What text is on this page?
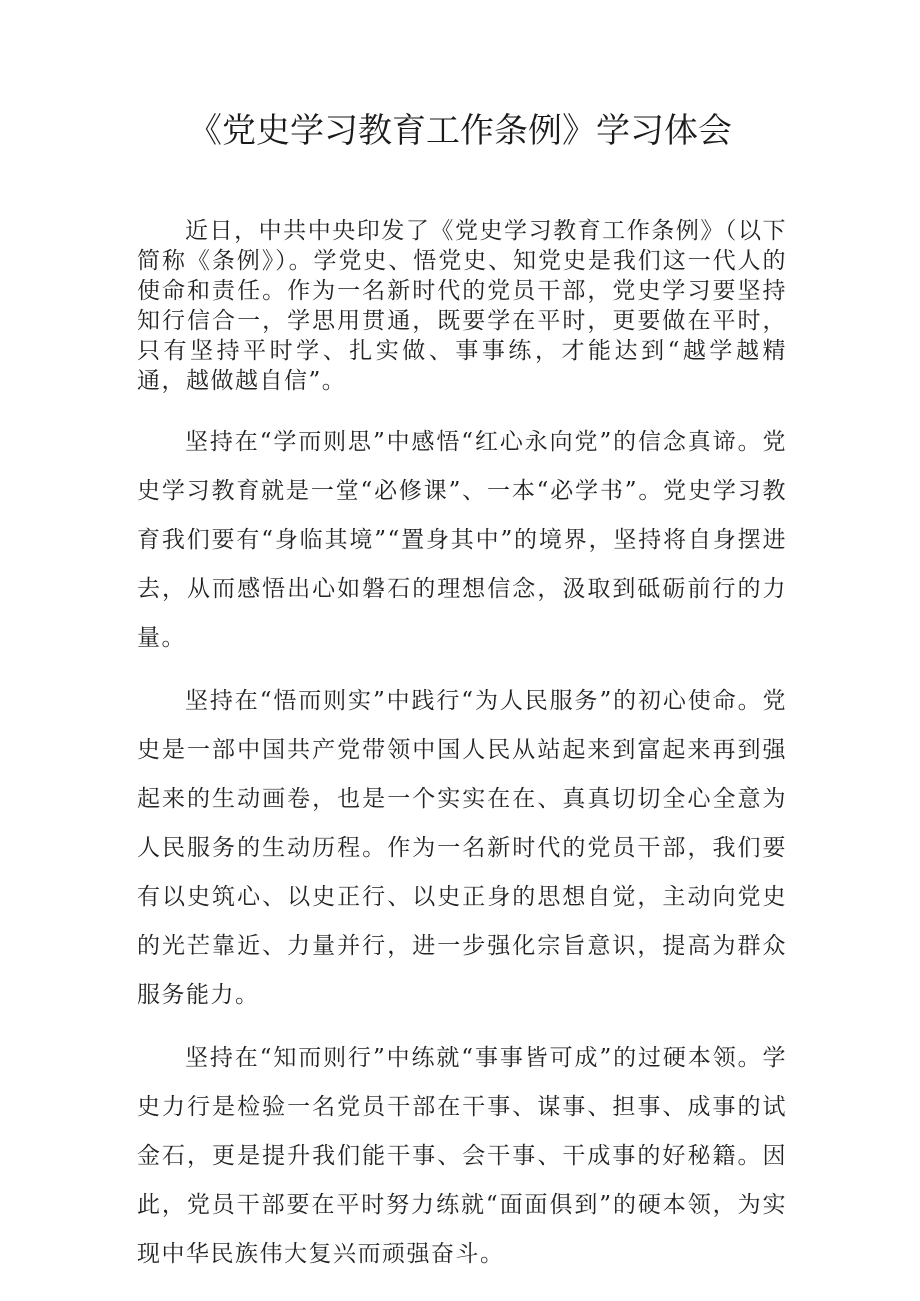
《党史学习教育工作条例》学习体会

近日，中共中央印发了《党史学习教育工作条例》（以下简称《条例》）。学党史、悟党史、知党史是我们这一代人的使命和责任。作为一名新时代的党员干部，党史学习要坚持知行信合一，学思用贯通，既要学在平时，更要做在平时，只有坚持平时学、扎实做、事事练，才能达到“越学越精通，越做越自信”。

坚持在“学而则思”中感悟“红心永向党”的信念真谛。党史学习教育就是一堂“必修课”、一本“必学书”。党史学习教育我们要有“身临其境”“置身其中”的境界，坚持将自身摆进去，从而感悟出心如磐石的理想信念，汲取到砥砺前行的力量。

坚持在“悟而则实”中践行“为人民服务”的初心使命。党史是一部中国共产党带领中国人民从站起来到富起来再到强起来的生动画卷，也是一个实实在在、真真切切全心全意为人民服务的生动历程。作为一名新时代的党员干部，我们要有以史筑心、以史正行、以史正身的思想自觉，主动向党史的光芒靠近、力量并行，进一步强化宗旨意识，提高为群众服务能力。

坚持在“知而则行”中练就“事事皆可成”的过硬本领。学史力行是检验一名党员干部在干事、谋事、担事、成事的试金石，更是提升我们能干事、会干事、干成事的好秘籍。因此，党员干部要在平时努力练就“面面俱到”的硬本领，为实现中华民族伟大复兴而顽强奋斗。
